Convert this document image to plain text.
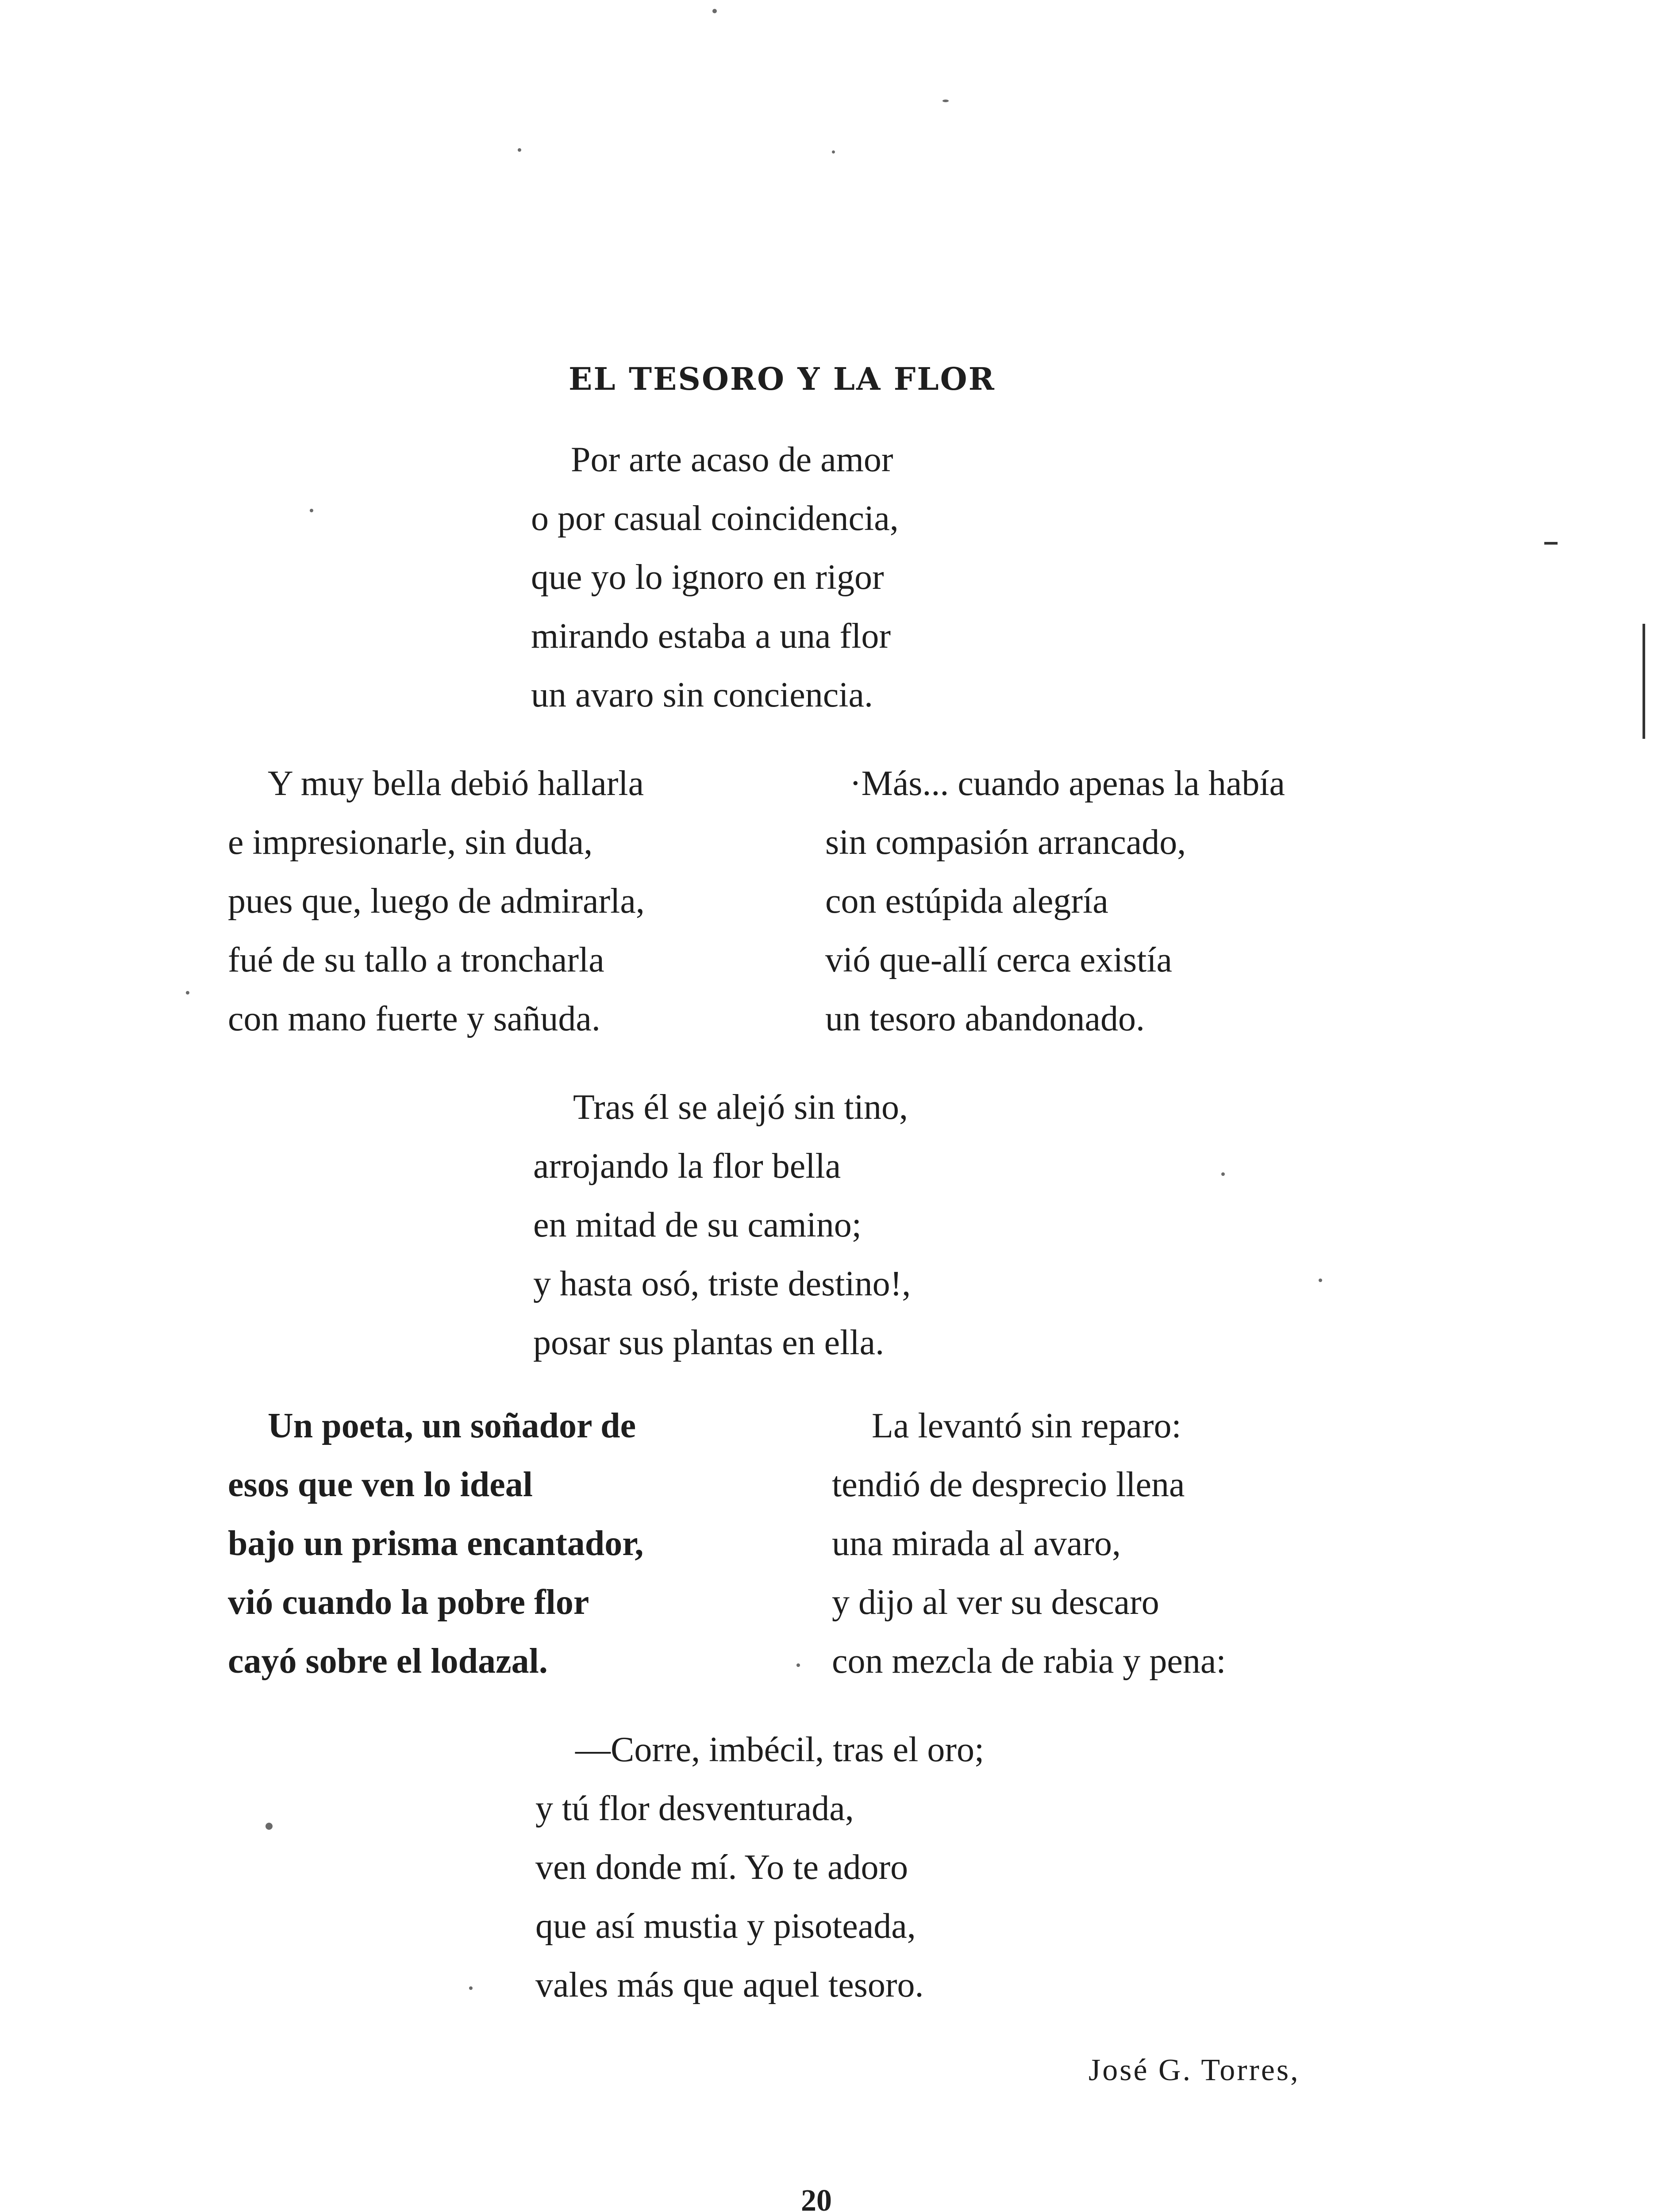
EL TESORO Y LA FLOR
Por arte acaso de amor
o por casual coincidencia,
que yo lo ignoro en rigor
mirando estaba a una flor
un avaro sin conciencia.
Y muy bella debió hallarla
e impresionarle, sin duda,
pues que, luego de admirarla,
fué de su tallo a troncharla
con mano fuerte y sañuda.
·Más... cuando apenas la había
sin compasión arrancado,
con estúpida alegría
vió que-allí cerca existía
un tesoro abandonado.
Tras él se alejó sin tino,
arrojando la flor bella
en mitad de su camino;
y hasta osó, triste destino!,
posar sus plantas en ella.
Un poeta, un soñador de
esos que ven lo ideal
bajo un prisma encantador,
vió cuando la pobre flor
cayó sobre el lodazal.
La levantó sin reparo:
tendió de desprecio llena
una mirada al avaro,
y dijo al ver su descaro
con mezcla de rabia y pena:
—Corre, imbécil, tras el oro;
y tú flor desventurada,
ven donde mí. Yo te adoro
que así mustia y pisoteada,
vales más que aquel tesoro.
José G. Torres,
20
